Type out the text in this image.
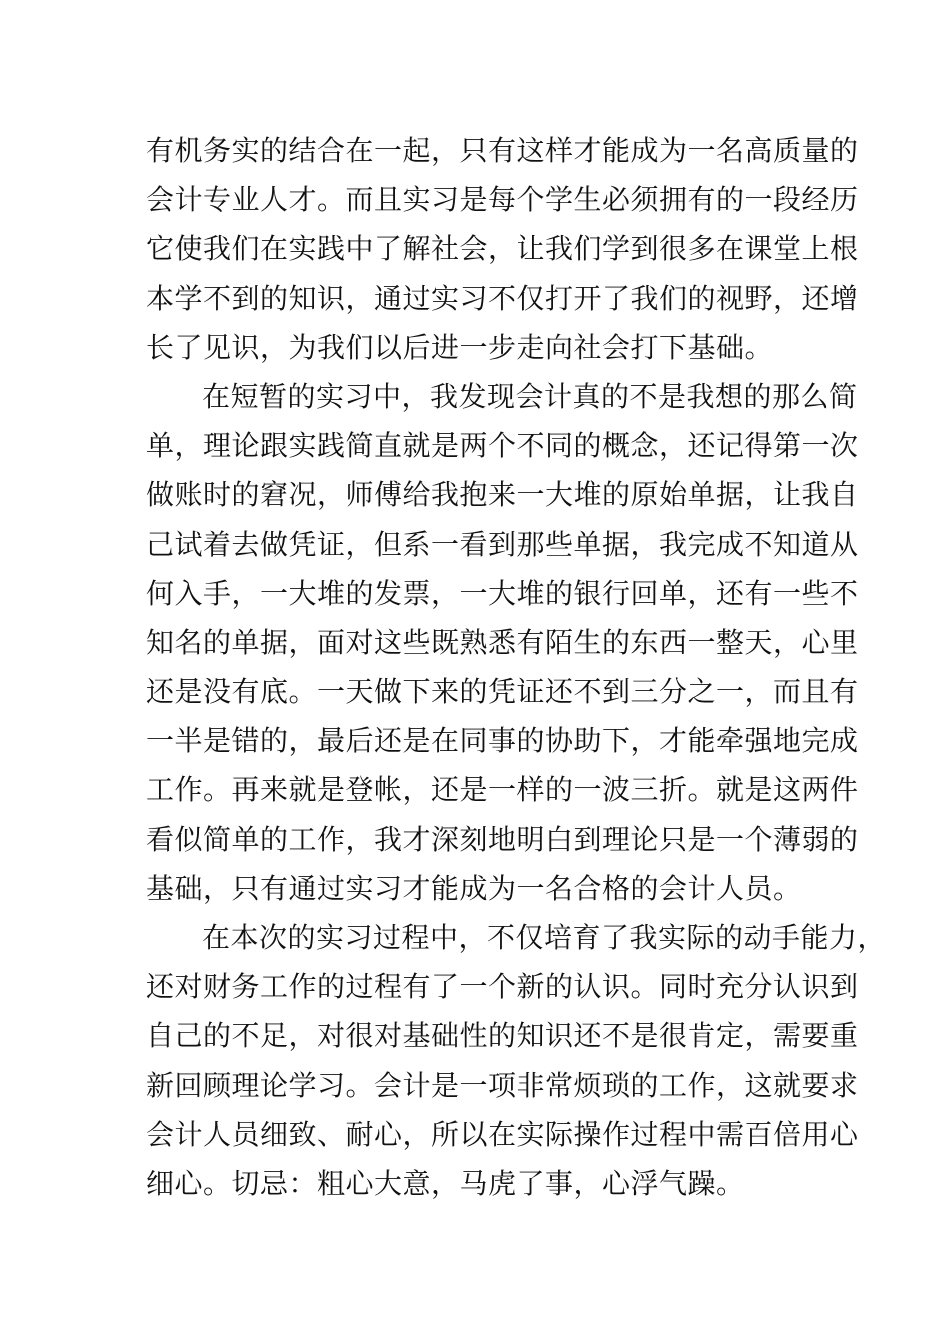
有机务实的结合在一起，只有这样才能成为一名高质量的
会计专业人才。而且实习是每个学生必须拥有的一段经历
它使我们在实践中了解社会，让我们学到很多在课堂上根
本学不到的知识，通过实习不仅打开了我们的视野，还增
长了见识，为我们以后进一步走向社会打下基础。
在短暂的实习中，我发现会计真的不是我想的那么简
单，理论跟实践简直就是两个不同的概念，还记得第一次
做账时的窘况，师傅给我抱来一大堆的原始单据，让我自
己试着去做凭证，但系一看到那些单据，我完成不知道从
何入手，一大堆的发票，一大堆的银行回单，还有一些不
知名的单据，面对这些既熟悉有陌生的东西一整天，心里
还是没有底。一天做下来的凭证还不到三分之一，而且有
一半是错的，最后还是在同事的协助下，才能牵强地完成
工作。再来就是登帐，还是一样的一波三折。就是这两件
看似简单的工作，我才深刻地明白到理论只是一个薄弱的
基础，只有通过实习才能成为一名合格的会计人员。
在本次的实习过程中，不仅培育了我实际的动手能力，
还对财务工作的过程有了一个新的认识。同时充分认识到
自己的不足，对很对基础性的知识还不是很肯定，需要重
新回顾理论学习。会计是一项非常烦琐的工作，这就要求
会计人员细致、耐心，所以在实际操作过程中需百倍用心
细心。切忌：粗心大意，马虎了事，心浮气躁。
